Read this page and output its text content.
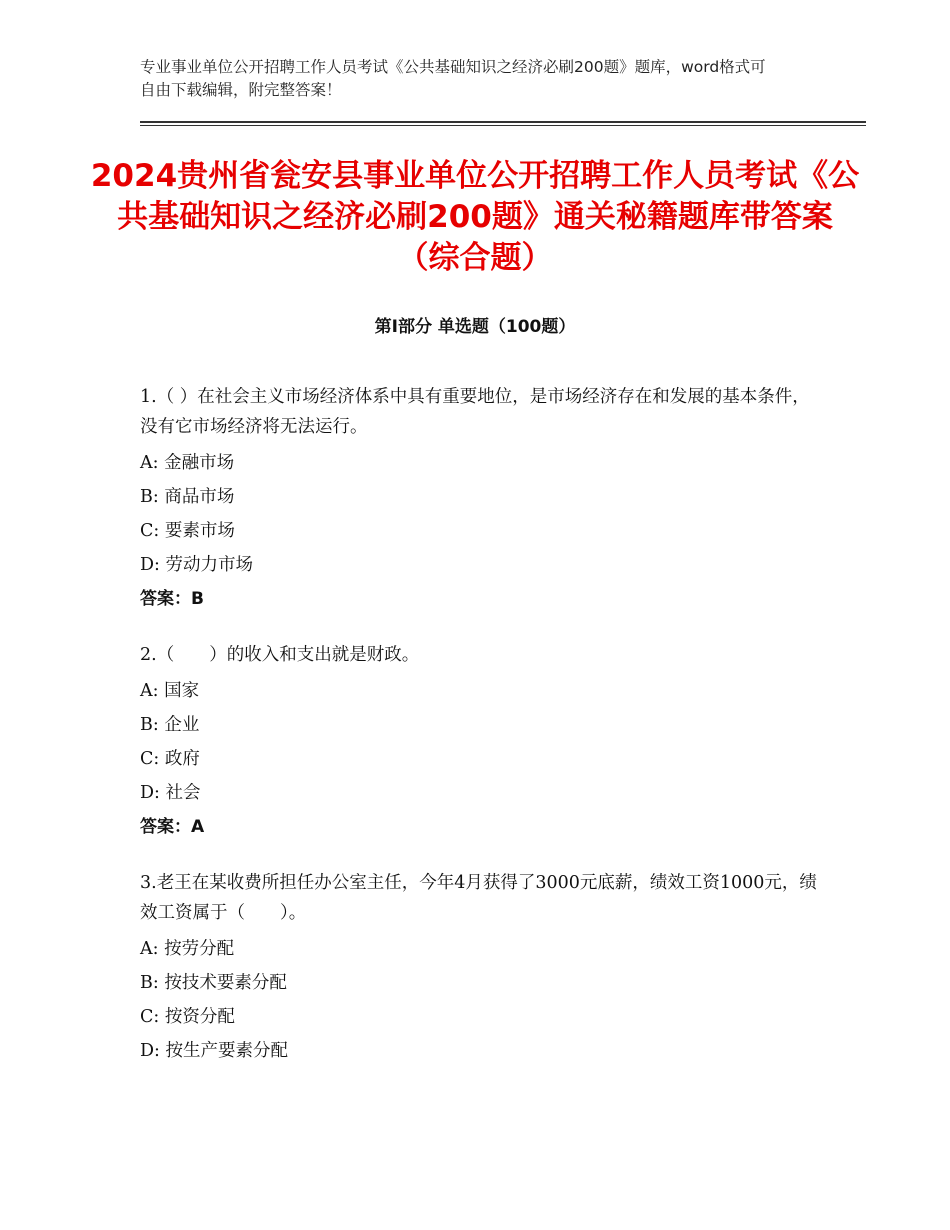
专业事业单位公开招聘工作人员考试《公共基础知识之经济必刷200题》题库，word格式可自由下载编辑，附完整答案！
2024贵州省瓮安县事业单位公开招聘工作人员考试《公共基础知识之经济必刷200题》通关秘籍题库带答案（综合题）
第Ⅰ部分 单选题（100题）

1.（ ）在社会主义市场经济体系中具有重要地位，是市场经济存在和发展的基本条件，没有它市场经济将无法运行。

A: 金融市场

B: 商品市场

C: 要素市场

D: 劳动力市场

答案：B

2.（　　）的收入和支出就是财政。

A: 国家

B: 企业

C: 政府

D: 社会

答案：A

3.老王在某收费所担任办公室主任，今年4月获得了3000元底薪，绩效工资1000元，绩效工资属于（　　）。

A: 按劳分配

B: 按技术要素分配

C: 按资分配

D: 按生产要素分配
